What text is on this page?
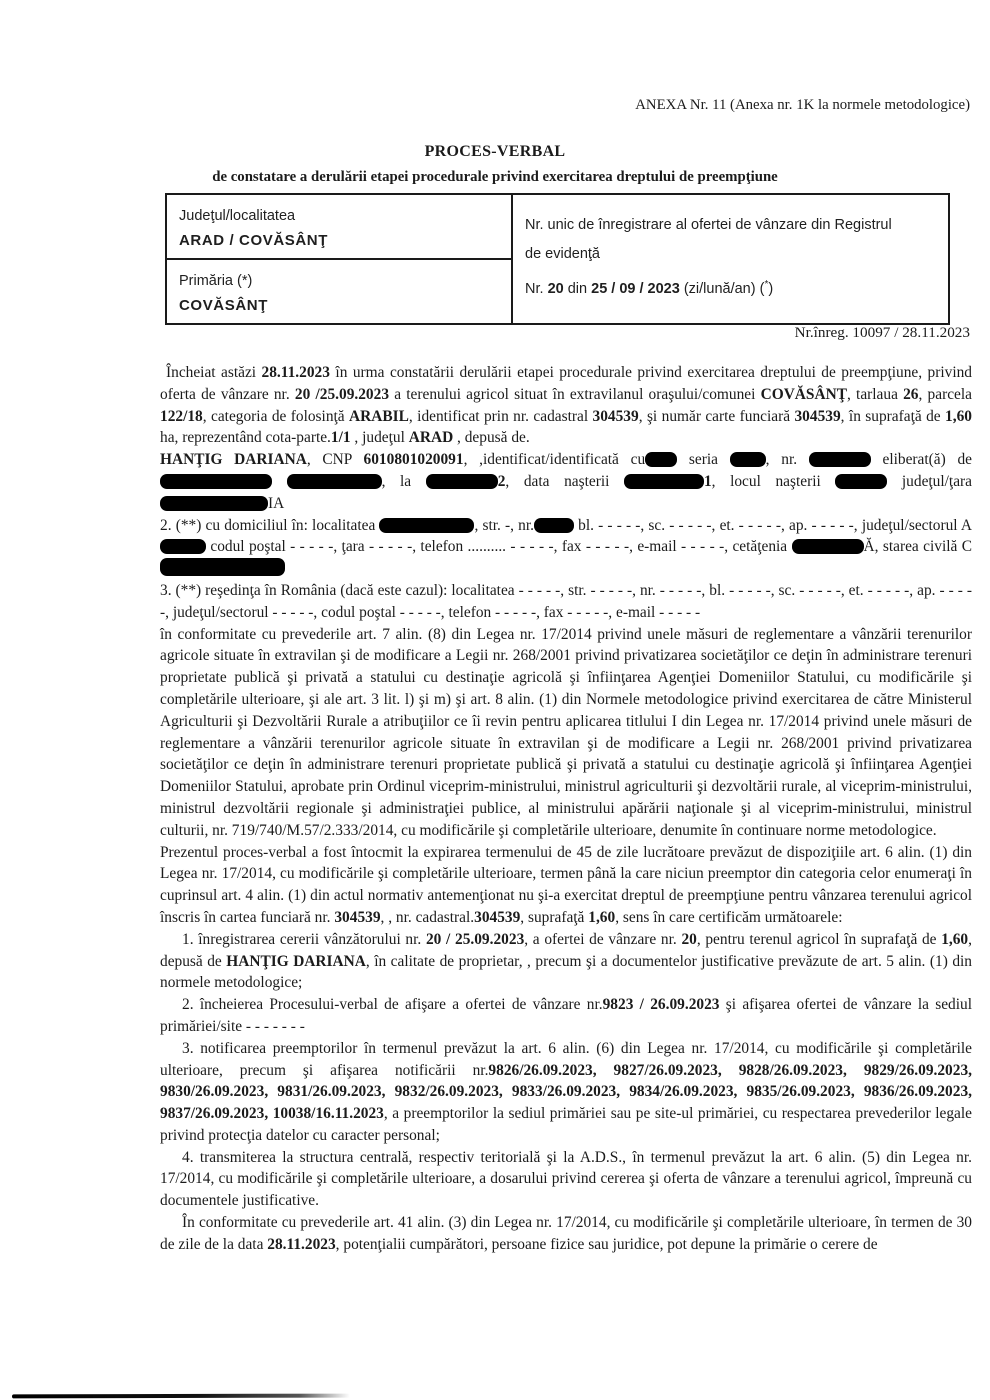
ANEXA Nr. 11 (Anexa nr. 1K la normele metodologice)
PROCES-VERBAL
de constatare a derulării etapei procedurale privind exercitarea dreptului de preempţiune
Judeţul/localitatea
ARAD / COVĂSÂNŢ

Nr. unic de înregistrare al ofertei de vânzare din Registrul de evidenţă
Nr. 20 din 25 / 09 / 2023 (zi/lună/an) (*)

Primăria (*)
COVĂSÂNŢ
Nr.înreg. 10097 / 28.11.2023

Încheiat astăzi 28.11.2023 în urma constatării derulării etapei procedurale privind exercitarea dreptului de preempţiune, privind oferta de vânzare nr. 20 /25.09.2023 a terenului agricol situat în extravilanul oraşului/comunei COVĂSÂNŢ, tarlaua 26, parcela 122/18, categoria de folosinţă ARABIL, identificat prin nr. cadastral 304539, şi număr carte funciară 304539, în suprafaţă de 1,60 ha, reprezentând cota-parte.1/1 , judeţul ARAD , depusă de.

HANŢIG DARIANA, CNP 6010801020091, ,identificat/identificată cu seria , nr.	eliberat(ă) de , la	2, data naşterii	1, locul naşterii	judeţul/ţara IA

2. (**) cu domiciliul în: localitatea	, str. -, nr.	bl. - - - - -, sc. - - - - -, et. - - - - -, ap. - - - - -, judeţul/sectorul A codul poştal - - - - -, ţara - - - - -, telefon .......... - - - - -, fax - - - - -, e-mail - - - - -, cetăţenia	Ă, starea civilă C

3. (**) reşedinţa în România (dacă este cazul): localitatea - - - - -, str. - - - - -, nr. - - - - -, bl. - - - - -, sc. - - - - -, et. - - - - -, ap. - - - - -, judeţul/sectorul - - - - -, codul poştal - - - - -, telefon - - - - -, fax - - - - -, e-mail - - - - -

în conformitate cu prevederile art. 7 alin. (8) din Legea nr. 17/2014 privind unele măsuri de reglementare a vânzării terenurilor agricole situate în extravilan şi de modificare a Legii nr. 268/2001 privind privatizarea societăţilor ce deţin în administrare terenuri proprietate publică şi privată a statului cu destinaţie agricolă şi înfiinţarea Agenţiei Domeniilor Statului, cu modificările şi completările ulterioare, şi ale art. 3 lit. l) şi m) şi art. 8 alin. (1) din Normele metodologice privind exercitarea de către Ministerul Agriculturii şi Dezvoltării Rurale a atribuţiilor ce îi revin pentru aplicarea titlului I din Legea nr. 17/2014 privind unele măsuri de reglementare a vânzării terenurilor agricole situate în extravilan şi de modificare a Legii nr. 268/2001 privind privatizarea societăţilor ce deţin în administrare terenuri proprietate publică şi privată a statului cu destinaţie agricolă şi înfiinţarea Agenţiei Domeniilor Statului, aprobate prin Ordinul viceprim-ministrului, ministrul agriculturii şi dezvoltării rurale, al viceprim-ministrului, ministrul dezvoltării regionale şi administraţiei publice, al ministrului apărării naţionale şi al viceprim-ministrului, ministrul culturii, nr. 719/740/M.57/2.333/2014, cu modificările şi completările ulterioare, denumite în continuare norme metodologice.

Prezentul proces-verbal a fost întocmit la expirarea termenului de 45 de zile lucrătoare prevăzut de dispoziţiile art. 6 alin. (1) din Legea nr. 17/2014, cu modificările şi completările ulterioare, termen până la care niciun preemptor din categoria celor enumeraţi în cuprinsul art. 4 alin. (1) din actul normativ antemenţionat nu şi-a exercitat dreptul de preempţiune pentru vânzarea terenului agricol înscris în cartea funciară nr. 304539, , nr. cadastral.304539, suprafaţă 1,60, sens în care certificăm următoarele:

1. înregistrarea cererii vânzătorului nr. 20 / 25.09.2023, a ofertei de vânzare nr. 20, pentru terenul agricol în suprafaţă de 1,60, depusă de HANŢIG DARIANA, în calitate de proprietar, , precum şi a documentelor justificative prevăzute de art. 5 alin. (1) din normele metodologice;

2. încheierea Procesului-verbal de afişare a ofertei de vânzare nr.9823 / 26.09.2023 şi afişarea ofertei de vânzare la sediul primăriei/site - - - - - - -

3. notificarea preemptorilor în termenul prevăzut la art. 6 alin. (6) din Legea nr. 17/2014, cu modificările şi completările ulterioare, precum şi afişarea notificării nr.9826/26.09.2023, 9827/26.09.2023, 9828/26.09.2023, 9829/26.09.2023, 9830/26.09.2023, 9831/26.09.2023, 9832/26.09.2023, 9833/26.09.2023, 9834/26.09.2023, 9835/26.09.2023, 9836/26.09.2023, 9837/26.09.2023, 10038/16.11.2023, a preemptorilor la sediul primăriei sau pe site-ul primăriei, cu respectarea prevederilor legale privind protecţia datelor cu caracter personal;

4. transmiterea la structura centrală, respectiv teritorială şi la A.D.S., în termenul prevăzut la art. 6 alin. (5) din Legea nr. 17/2014, cu modificările şi completările ulterioare, a dosarului privind cererea şi oferta de vânzare a terenului agricol, împreună cu documentele justificative.

În conformitate cu prevederile art. 41 alin. (3) din Legea nr. 17/2014, cu modificările şi completările ulterioare, în termen de 30 de zile de la data 28.11.2023, potenţialii cumpărători, persoane fizice sau juridice, pot depune la primărie o cerere de
